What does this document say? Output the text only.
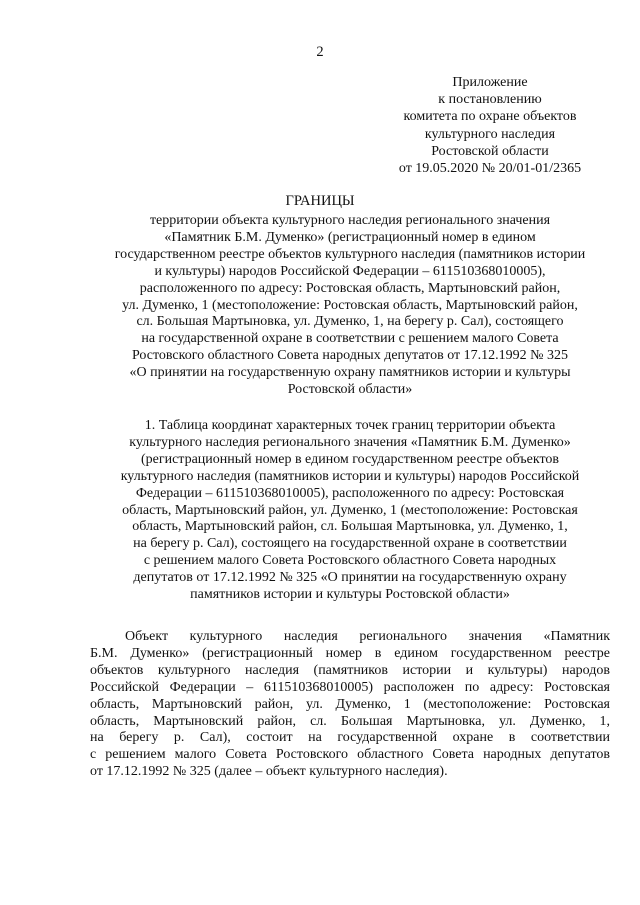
2
Приложение
к постановлению
комитета по охране объектов
культурного наследия
Ростовской области
от 19.05.2020 № 20/01-01/2365
ГРАНИЦЫ
территории объекта культурного наследия регионального значения
«Памятник Б.М. Думенко» (регистрационный номер в едином
государственном реестре объектов культурного наследия (памятников истории
и культуры) народов Российской Федерации – 611510368010005),
расположенного по адресу: Ростовская область, Мартыновский район,
ул. Думенко, 1 (местоположение: Ростовская область, Мартыновский район,
сл. Большая Мартыновка, ул. Думенко, 1, на берегу р. Сал), состоящего
на государственной охране в соответствии с решением малого Совета
Ростовского областного Совета народных депутатов от 17.12.1992 № 325
«О принятии на государственную охрану памятников истории и культуры
Ростовской области»
1. Таблица координат характерных точек границ территории объекта
культурного наследия регионального значения «Памятник Б.М. Думенко»
(регистрационный номер в едином государственном реестре объектов
культурного наследия (памятников истории и культуры) народов Российской
Федерации – 611510368010005), расположенного по адресу: Ростовская
область, Мартыновский район, ул. Думенко, 1 (местоположение: Ростовская
область, Мартыновский район, сл. Большая Мартыновка, ул. Думенко, 1,
на берегу р. Сал), состоящего на государственной охране в соответствии
с решением малого Совета Ростовского областного Совета народных
депутатов от 17.12.1992 № 325 «О принятии на государственную охрану
памятников истории и культуры Ростовской области»
Объект культурного наследия регионального значения «Памятник
Б.М. Думенко» (регистрационный номер в едином государственном реестре
объектов культурного наследия (памятников истории и культуры) народов
Российской Федерации – 611510368010005) расположен по адресу: Ростовская
область, Мартыновский район, ул. Думенко, 1 (местоположение: Ростовская
область, Мартыновский район, сл. Большая Мартыновка, ул. Думенко, 1,
на берегу р. Сал), состоит на государственной охране в соответствии
с решением малого Совета Ростовского областного Совета народных депутатов
от 17.12.1992 № 325 (далее – объект культурного наследия).
